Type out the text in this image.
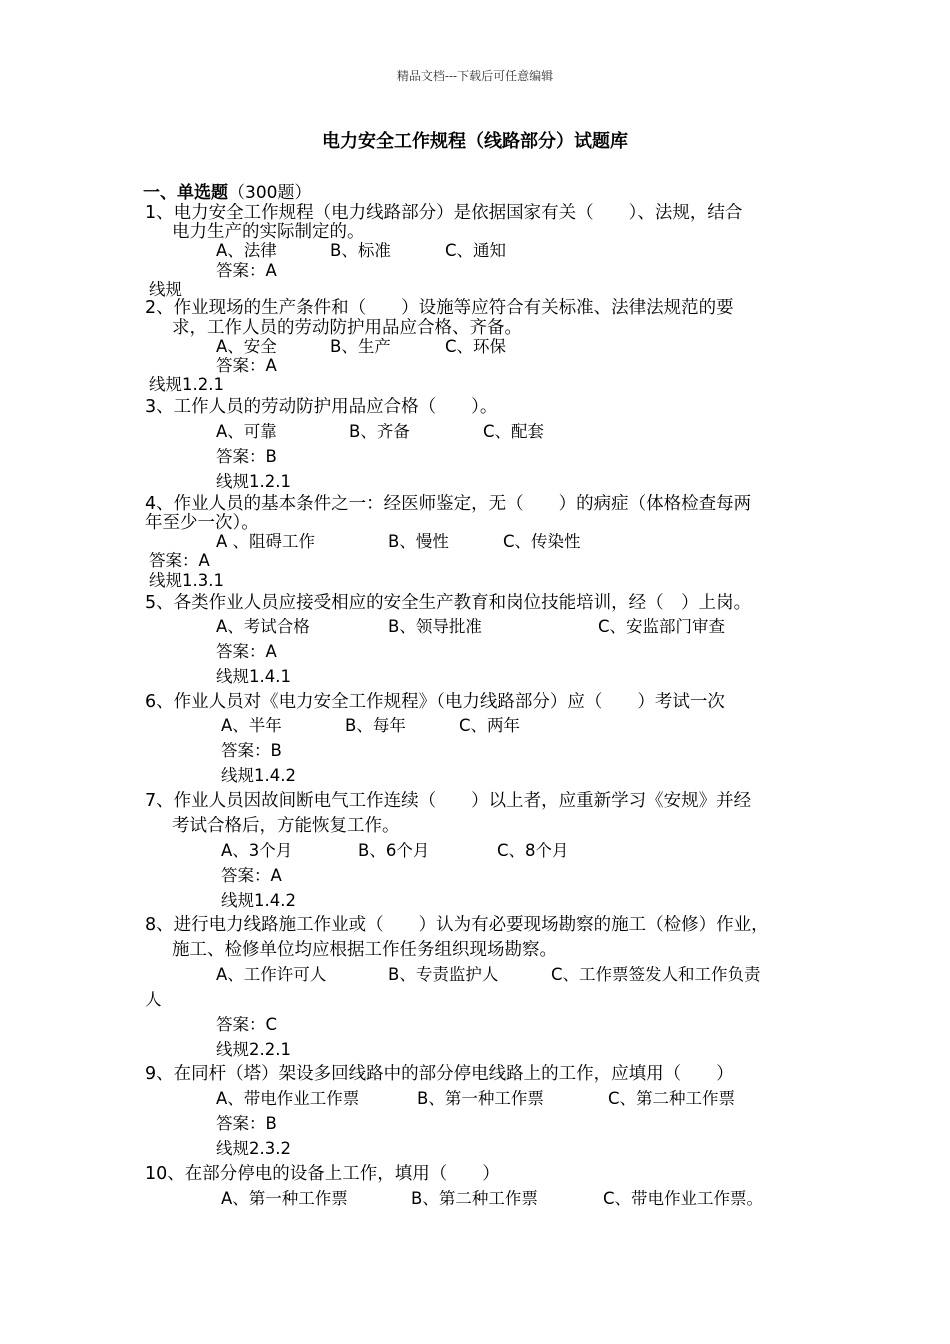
精品文档---下载后可任意编辑
电力安全工作规程（线路部分）试题库
一、单选题（300题）
1、电力安全工作规程（电力线路部分）是依据国家有关（　　）、法规，结合
电力生产的实际制定的。
A、法律	B、标准	C、通知
答案：A
线规
2、作业现场的生产条件和（　　）设施等应符合有关标准、法律法规范的要
求，工作人员的劳动防护用品应合格、齐备。
A、安全	B、生产	C、环保
答案：A
线规1.2.1
3、工作人员的劳动防护用品应合格（　　）。
A、可靠	B、齐备	C、配套
答案：B
线规1.2.1
4、作业人员的基本条件之一：经医师鉴定，无（　　）的病症（体格检查每两
年至少一次）。
A 、阻碍工作	B、慢性	C、传染性
答案：A
线规1.3.1
5、各类作业人员应接受相应的安全生产教育和岗位技能培训，经（　）上岗。
A、考试合格	B、领导批准	C、安监部门审查
答案：A
线规1.4.1
6、作业人员对《电力安全工作规程》（电力线路部分）应（　　）考试一次
A、半年	B、每年	C、两年
答案：B
线规1.4.2
7、作业人员因故间断电气工作连续（　　）以上者，应重新学习《安规》并经
考试合格后，方能恢复工作。
A、3个月	B、6个月	C、8个月
答案：A
线规1.4.2
8、进行电力线路施工作业或（　　）认为有必要现场勘察的施工（检修）作业，
施工、检修单位均应根据工作任务组织现场勘察。
A、工作许可人	B、专责监护人	C、工作票签发人和工作负责
人
答案：C
线规2.2.1
9、在同杆（塔）架设多回线路中的部分停电线路上的工作，应填用（　　）
A、带电作业工作票	B、第一种工作票	C、第二种工作票
答案：B
线规2.3.2
10、在部分停电的设备上工作，填用（　　）
A、第一种工作票	B、第二种工作票	C、带电作业工作票。
